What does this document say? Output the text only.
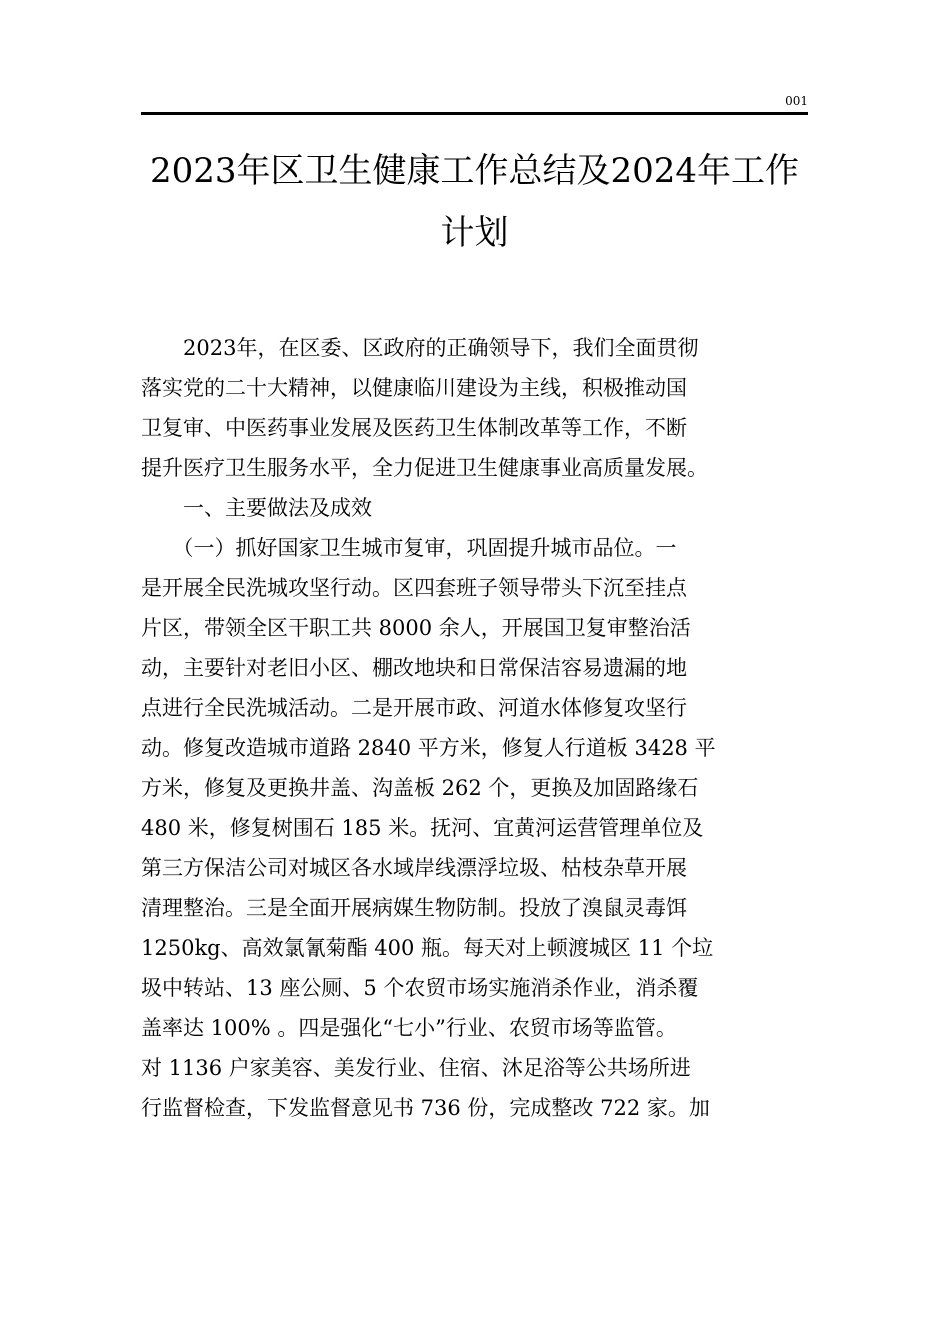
001
2023年区卫生健康工作总结及2024年工作
计划

　　2023年，在区委、区政府的正确领导下，我们全面贯彻
落实党的二十大精神，以健康临川建设为主线，积极推动国
卫复审、中医药事业发展及医药卫生体制改革等工作，不断
提升医疗卫生服务水平，全力促进卫生健康事业高质量发展。

　　一、主要做法及成效

　　（一）抓好国家卫生城市复审，巩固提升城市品位。一
是开展全民洗城攻坚行动。区四套班子领导带头下沉至挂点
片区，带领全区干职工共 8000 余人，开展国卫复审整治活
动，主要针对老旧小区、棚改地块和日常保洁容易遗漏的地
点进行全民洗城活动。二是开展市政、河道水体修复攻坚行
动。修复改造城市道路 2840 平方米，修复人行道板 3428 平
方米，修复及更换井盖、沟盖板 262 个，更换及加固路缘石
480 米，修复树围石 185 米。抚河、宜黄河运营管理单位及
第三方保洁公司对城区各水域岸线漂浮垃圾、枯枝杂草开展
清理整治。三是全面开展病媒生物防制。投放了溴鼠灵毒饵
1250kg、高效氯氰菊酯 400 瓶。每天对上顿渡城区 11 个垃
圾中转站、13 座公厕、5 个农贸市场实施消杀作业，消杀覆
盖率达 100% 。四是强化“七小”行业、农贸市场等监管。
对 1136 户家美容、美发行业、住宿、沐足浴等公共场所进
行监督检查，下发监督意见书 736 份，完成整改 722 家。加
